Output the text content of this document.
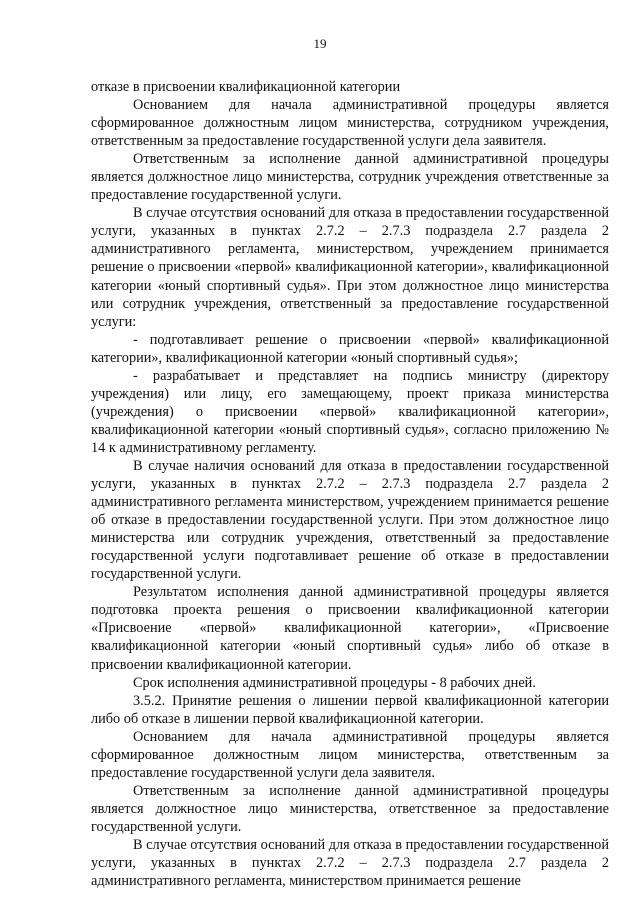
19

отказе в присвоении квалификационной категории

Основанием для начала административной процедуры является сформированное должностным лицом министерства, сотрудником учреждения, ответственным за предоставление государственной услуги дела заявителя.

Ответственным за исполнение данной административной процедуры является должностное лицо министерства, сотрудник учреждения ответственные за предоставление государственной услуги.

В случае отсутствия оснований для отказа в предоставлении государственной услуги, указанных в пунктах 2.7.2 – 2.7.3 подраздела 2.7 раздела 2 административного регламента, министерством, учреждением принимается решение о присвоении «первой» квалификационной категории», квалификационной категории «юный спортивный судья». При этом должностное лицо министерства или сотрудник учреждения, ответственный за предоставление государственной услуги:

- подготавливает решение о присвоении «первой» квалификационной категории», квалификационной категории «юный спортивный судья»;

- разрабатывает и представляет на подпись министру (директору учреждения) или лицу, его замещающему, проект приказа министерства (учреждения) о присвоении «первой» квалификационной категории», квалификационной категории «юный спортивный судья», согласно приложению № 14 к административному регламенту.

В случае наличия оснований для отказа в предоставлении государственной услуги, указанных в пунктах 2.7.2 – 2.7.3 подраздела 2.7 раздела 2 административного регламента министерством, учреждением принимается решение об отказе в предоставлении государственной услуги. При этом должностное лицо министерства или сотрудник учреждения, ответственный за предоставление государственной услуги подготавливает решение об отказе в предоставлении государственной услуги.

Результатом исполнения данной административной процедуры является подготовка проекта решения о присвоении квалификационной категории «Присвоение «первой» квалификационной категории», «Присвоение квалификационной категории «юный спортивный судья» либо об отказе в присвоении квалификационной категории.

Срок исполнения административной процедуры - 8 рабочих дней.

3.5.2. Принятие решения о лишении первой квалификационной категории либо об отказе в лишении первой квалификационной категории.

Основанием для начала административной процедуры является сформированное должностным лицом министерства, ответственным за предоставление государственной услуги дела заявителя.

Ответственным за исполнение данной административной процедуры является должностное лицо министерства, ответственное за предоставление государственной услуги.

В случае отсутствия оснований для отказа в предоставлении государственной услуги, указанных в пунктах 2.7.2 – 2.7.3 подраздела 2.7 раздела 2 административного регламента, министерством принимается решение
